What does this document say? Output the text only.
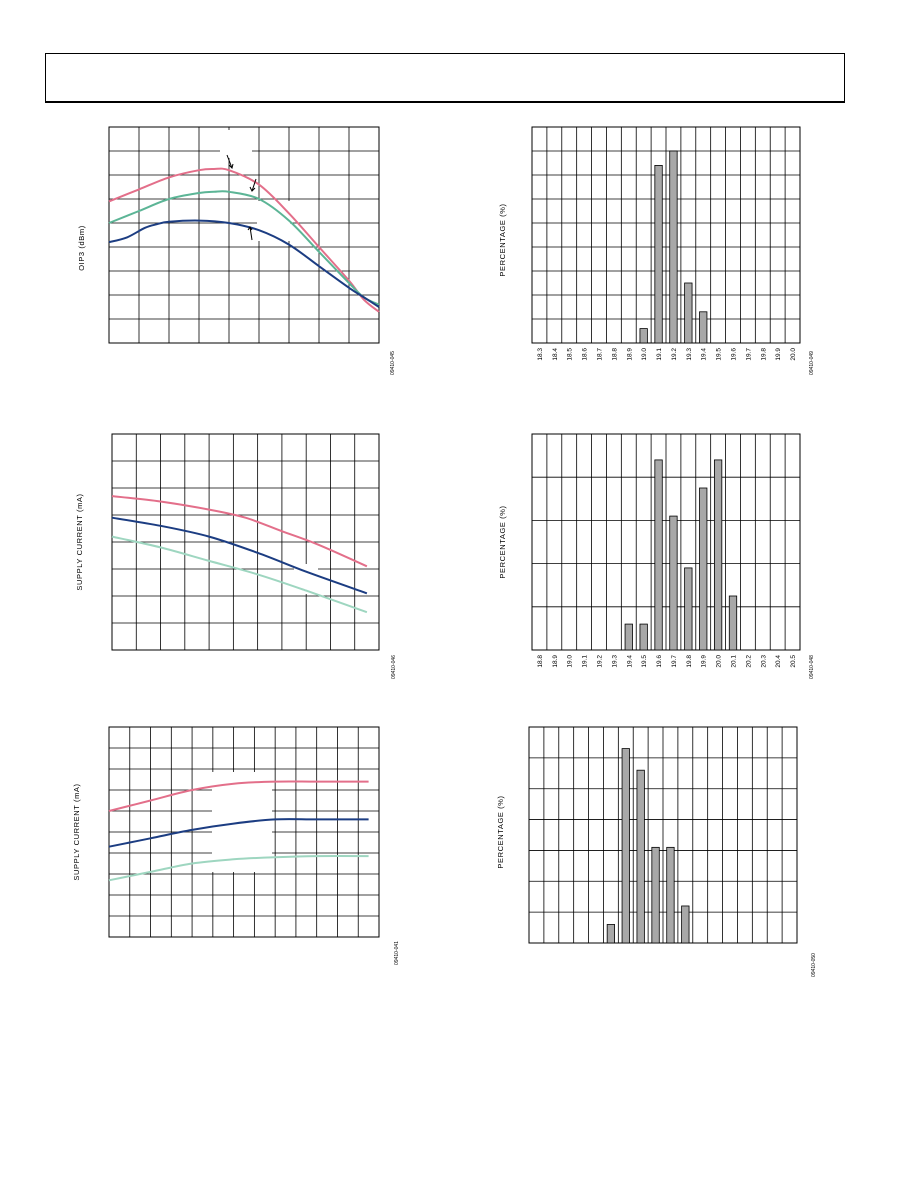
OIP3 (dBm)
09410-045
SUPPLY CURRENT (mA)
09410-046
SUPPLY CURRENT (mA)
09410-041
18.3 18.4 18.5 18.6 18.7 18.8 18.9 19.0 19.1 19.2 19.3 19.4 19.5 19.6 19.7 19.8 19.9 20.0
PERCENTAGE (%)
09410-049
18.8 18.9 19.0 19.1 19.2 19.3 19.4 19.5 19.6 19.7 19.8 19.9 20.0 20.1 20.2 20.3 20.4 20.5
PERCENTAGE (%)
09410-048
PERCENTAGE (%)
09410-050
